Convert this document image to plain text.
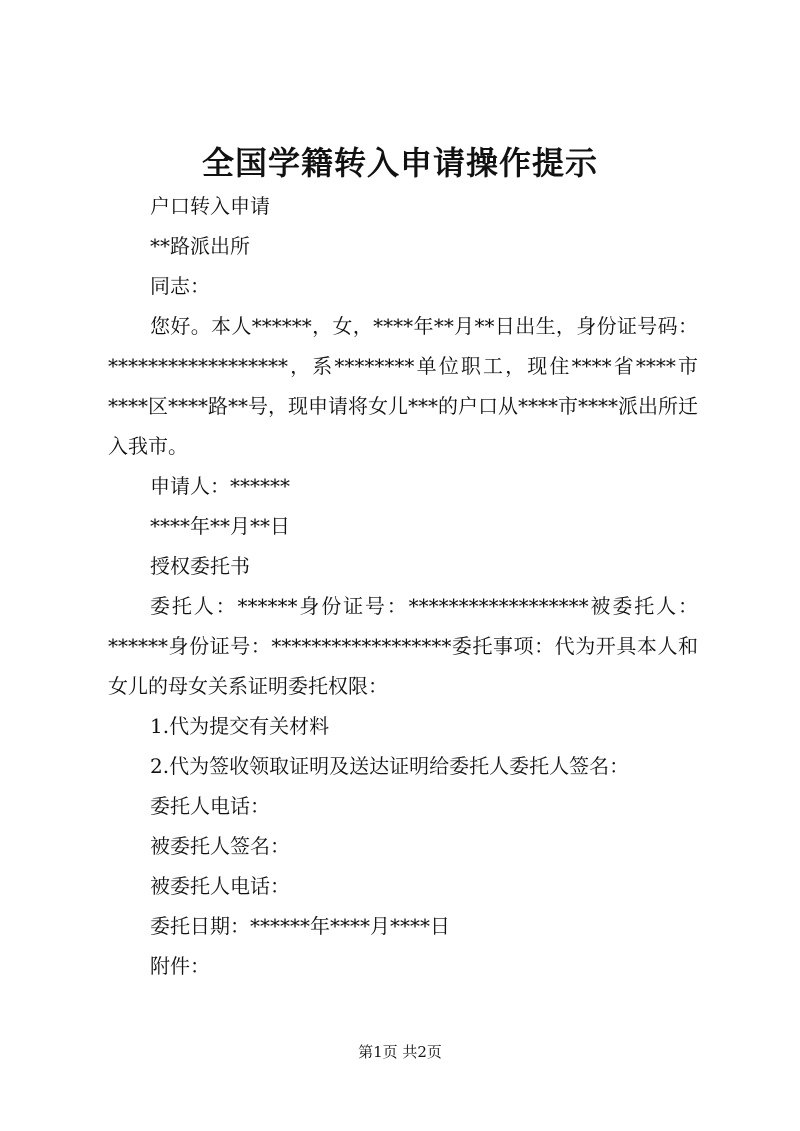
全国学籍转入申请操作提示

户口转入申请

**路派出所

同志：

您好。本人******，女，****年**月**日出生，身份证号码：******************，系********单位职工，现住****省****市****区****路**号，现申请将女儿***的户口从****市****派出所迁入我市。

申请人：******

****年**月**日

授权委托书

委托人：******身份证号：******************被委托人：******身份证号：******************委托事项：代为开具本人和女儿的母女关系证明委托权限：

1.代为提交有关材料

2.代为签收领取证明及送达证明给委托人委托人签名：

委托人电话：

被委托人签名：

被委托人电话：

委托日期：******年****月****日

附件：

第1页 共2页
